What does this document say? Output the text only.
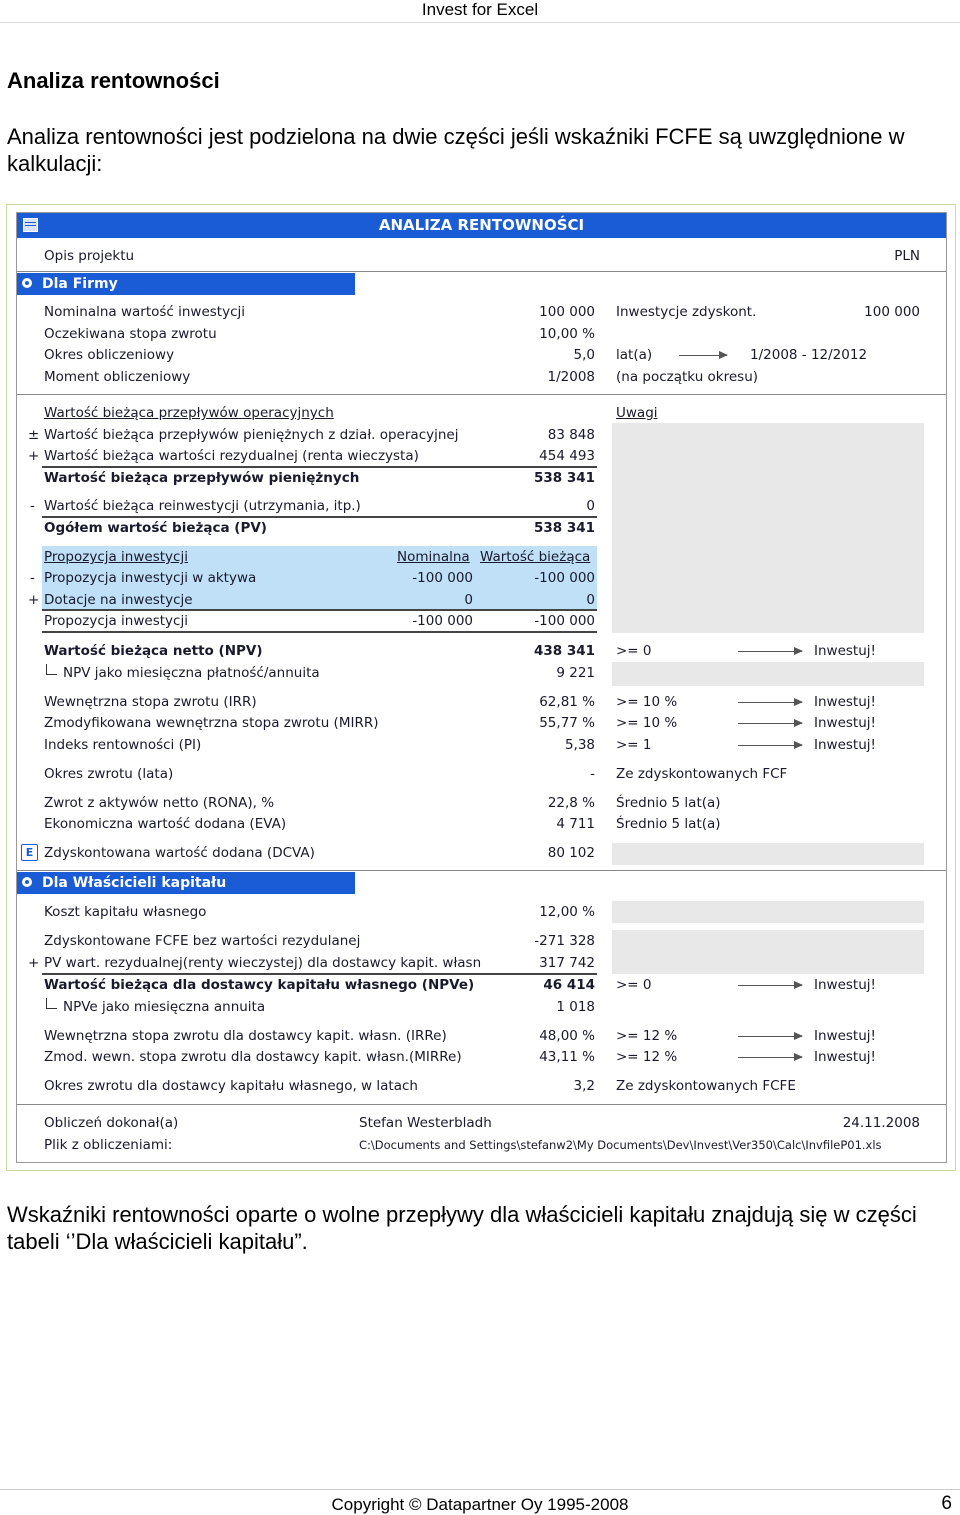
Invest for Excel
Analiza rentowności
Analiza rentowności jest podzielona na dwie części jeśli wskaźniki FCFE są uwzględnione w kalkulacji:
ANALIZA RENTOWNOŚCI
Opis projektu	PLN
Dla Firmy
Nominalna wartość inwestycji	100 000 Inwestycje zdyskont.	100 000
Oczekiwana stopa zwrotu	10,00 %
Okres obliczeniowy	5,0 lat(a)	1/2008 - 12/2012
Moment obliczeniowy	1/2008 (na początku okresu)
Wartość bieżąca przepływów operacyjnych	Uwagi
± Wartość bieżąca przepływów pieniężnych z dział. operacyjnej	83 848
+ Wartość bieżąca wartości rezydualnej (renta wieczysta)	454 493
Wartość bieżąca przepływów pieniężnych	538 341
- Wartość bieżąca reinwestycji (utrzymania, itp.)	0
Ogółem wartość bieżąca (PV)	538 341
Propozycja inwestycji	Nominalna Wartość bieżąca
- Propozycja inwestycji w aktywa	-100 000	-100 000
+ Dotacje na inwestycje	0	0
Propozycja inwestycji	-100 000	-100 000
Wartość bieżąca netto (NPV)	438 341 >= 0	Inwestuj!
NPV jako miesięczna płatność/annuita	9 221
Wewnętrzna stopa zwrotu (IRR)	62,81 % >= 10 %	Inwestuj!
Zmodyfikowana wewnętrzna stopa zwrotu (MIRR)	55,77 % >= 10 %	Inwestuj!
Indeks rentowności (PI)	5,38 >= 1	Inwestuj!
Okres zwrotu (lata)	- Ze zdyskontowanych FCF
Zwrot z aktywów netto (RONA), %	22,8 % Średnio 5 lat(a)
Ekonomiczna wartość dodana (EVA)	4 711 Średnio 5 lat(a)
E Zdyskontowana wartość dodana (DCVA)	80 102
Dla Właścicieli kapitału
Koszt kapitału własnego	12,00 %
Zdyskontowane FCFE bez wartości rezydulanej	-271 328
+ PV wart. rezydualnej(renty wieczystej) dla dostawcy kapit. własn	317 742
Wartość bieżąca dla dostawcy kapitału własnego (NPVe)	46 414 >= 0	Inwestuj!
NPVe jako miesięczna annuita	1 018
Wewnętrzna stopa zwrotu dla dostawcy kapit. własn. (IRRe)	48,00 % >= 12 %	Inwestuj!
Zmod. wewn. stopa zwrotu dla dostawcy kapit. własn.(MIRRe)	43,11 % >= 12 %	Inwestuj!
Okres zwrotu dla dostawcy kapitału własnego, w latach	3,2 Ze zdyskontowanych FCFE
Obliczeń dokonał(a)	Stefan Westerbladh	24.11.2008
Plik z obliczeniami:	C:\Documents and Settings\stefanw2\My Documents\Dev\Invest\Ver350\Calc\InvfileP01.xls
Wskaźniki rentowności oparte o wolne przepływy dla właścicieli kapitału znajdują się w części tabeli ‘’Dla właścicieli kapitału”.
Copyright © Datapartner Oy 1995-2008	6
